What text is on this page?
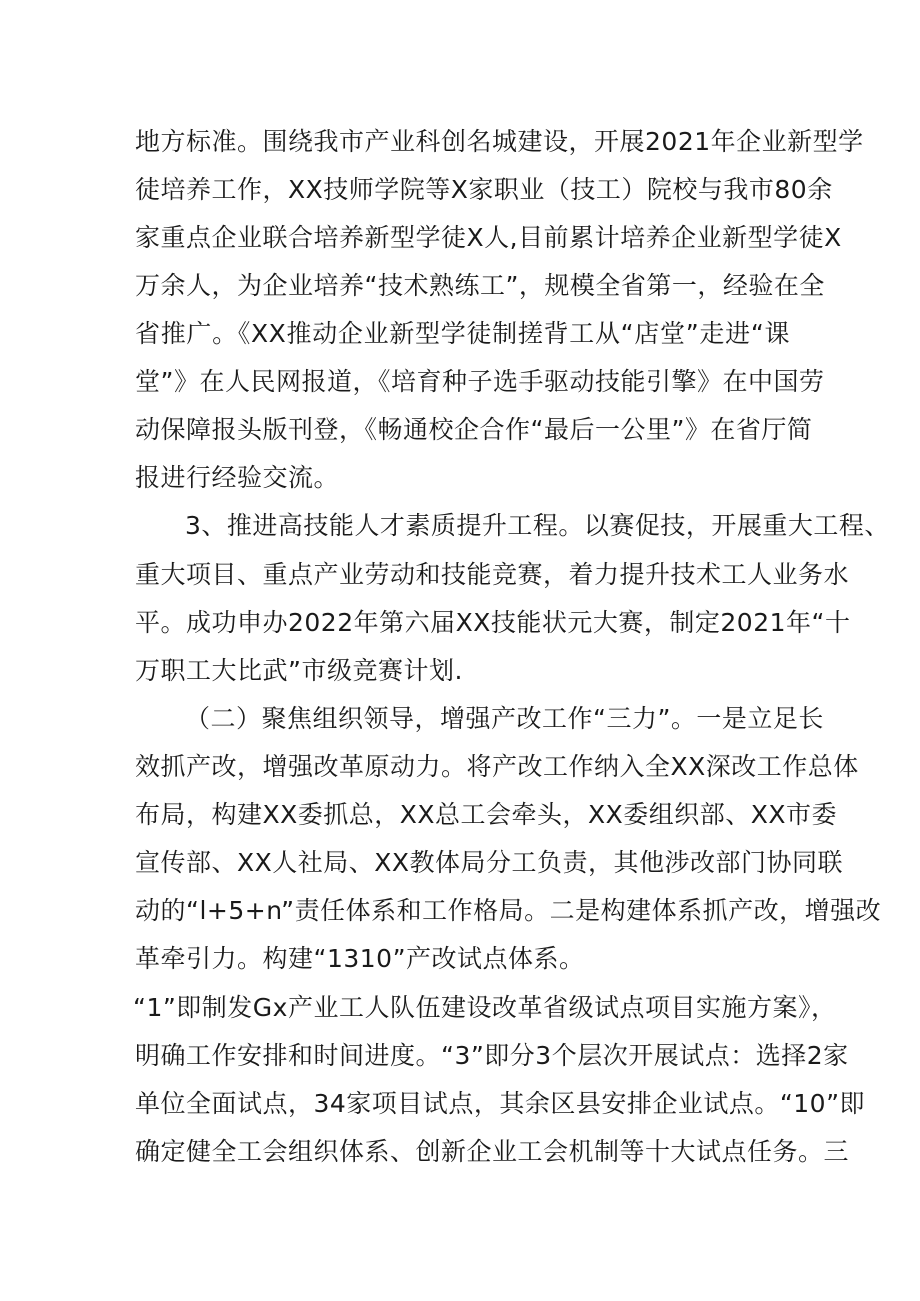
地方标准。围绕我市产业科创名城建设，开展2021年企业新型学
徒培养工作，XX技师学院等X家职业（技工）院校与我市80余
家重点企业联合培养新型学徒X人,目前累计培养企业新型学徒X
万余人，为企业培养“技术熟练工”，规模全省第一，经验在全
省推广。《XX推动企业新型学徒制搓背工从“店堂”走进“课
堂”》在人民网报道，《培育种子选手驱动技能引擎》在中国劳
动保障报头版刊登，《畅通校企合作“最后一公里”》在省厅简
报进行经验交流。
3、推进高技能人才素质提升工程。以赛促技，开展重大工程、
重大项目、重点产业劳动和技能竞赛，着力提升技术工人业务水
平。成功申办2022年第六届XX技能状元大赛，制定2021年“十
万职工大比武”市级竞赛计划.
（二）聚焦组织领导，增强产改工作“三力”。一是立足长
效抓产改，增强改革原动力。将产改工作纳入全XX深改工作总体
布局，构建XX委抓总，XX总工会牵头，XX委组织部、XX市委
宣传部、XX人社局、XX教体局分工负责，其他涉改部门协同联
动的“l+5+n”责任体系和工作格局。二是构建体系抓产改，增强改
革牵引力。构建“1310”产改试点体系。
“1”即制发Gx产业工人队伍建设改革省级试点项目实施方案》，
明确工作安排和时间进度。“3”即分3个层次开展试点：选择2家
单位全面试点，34家项目试点，其余区县安排企业试点。“10”即
确定健全工会组织体系、创新企业工会机制等十大试点任务。三
